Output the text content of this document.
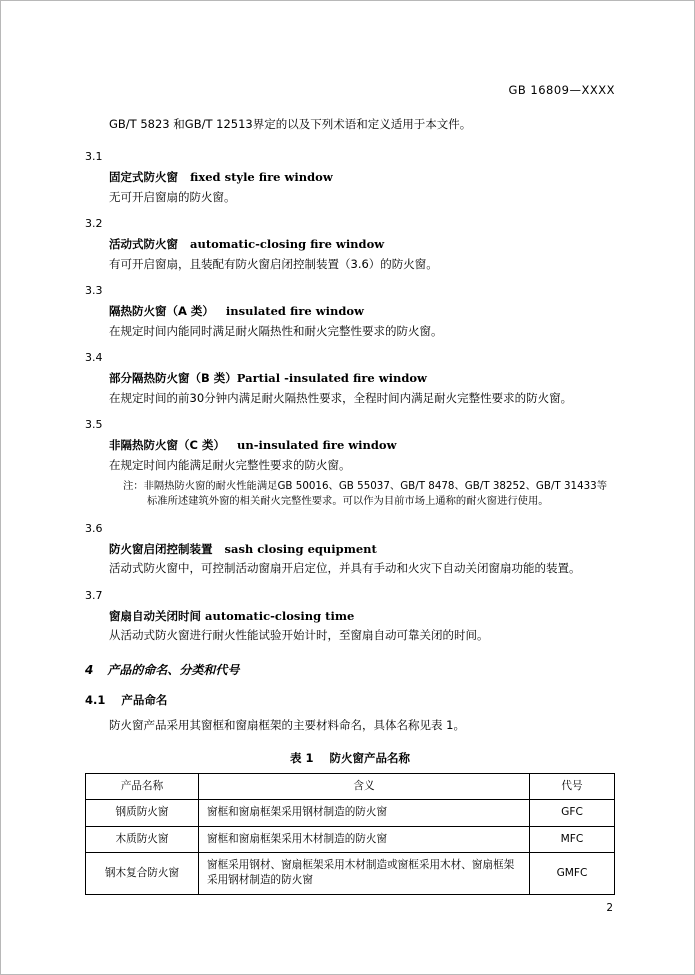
GB 16809—XXXX
GB/T 5823 和GB/T 12513界定的以及下列术语和定义适用于本文件。
3.1
固定式防火窗 fixed style fire window
无可开启窗扇的防火窗。
3.2
活动式防火窗 automatic-closing fire window
有可开启窗扇，且装配有防火窗启闭控制装置（3.6）的防火窗。
3.3
隔热防火窗（A 类） insulated fire window
在规定时间内能同时满足耐火隔热性和耐火完整性要求的防火窗。
3.4
部分隔热防火窗（B 类）Partial -insulated fire window
在规定时间的前30分钟内满足耐火隔热性要求，全程时间内满足耐火完整性要求的防火窗。
3.5
非隔热防火窗（C 类） un-insulated fire window
在规定时间内能满足耐火完整性要求的防火窗。
注：非隔热防火窗的耐火性能满足GB 50016、GB 55037、GB/T 8478、GB/T 38252、GB/T 31433等标准所述建筑外窗的相关耐火完整性要求。可以作为目前市场上通称的耐火窗进行使用。
3.6
防火窗启闭控制装置 sash closing equipment
活动式防火窗中，可控制活动窗扇开启定位，并具有手动和火灾下自动关闭窗扇功能的装置。
3.7
窗扇自动关闭时间 automatic-closing time
从活动式防火窗进行耐火性能试验开始计时，至窗扇自动可靠关闭的时间。
4 产品的命名、分类和代号
4.1 产品命名
防火窗产品采用其窗框和窗扇框架的主要材料命名，具体名称见表 1。
表 1 防火窗产品名称
产品名称	含义	代号
钢质防火窗	窗框和窗扇框架采用钢材制造的防火窗	GFC
木质防火窗	窗框和窗扇框架采用木材制造的防火窗	MFC
钢木复合防火窗	窗框采用钢材、窗扇框架采用木材制造或窗框采用木材、窗扇框架采用钢材制造的防火窗	GMFC
2
